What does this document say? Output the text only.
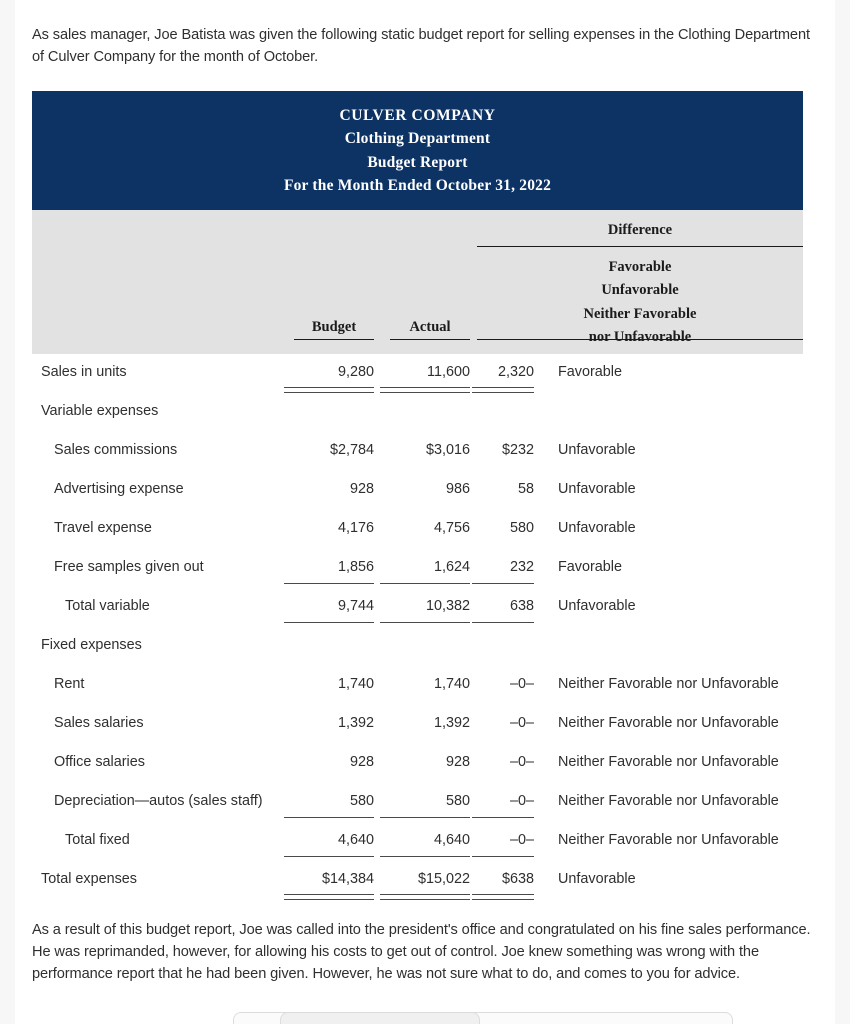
As sales manager, Joe Batista was given the following static budget report for selling expenses in the Clothing Department of Culver Company for the month of October.

CULVER COMPANY
Clothing Department
Budget Report
For the Month Ended October 31, 2022
Difference
Favorable
Unfavorable
Neither Favorable
nor Unfavorable
Budget	Actual
Sales in units	9,280	11,600	2,320 Favorable
Variable expenses
Sales commissions	$2,784	$3,016	$232 Unfavorable
Advertising expense	928	986	58 Unfavorable
Travel expense	4,176	4,756	580 Unfavorable
Free samples given out	1,856	1,624	232 Favorable
Total variable	9,744	10,382	638 Unfavorable
Fixed expenses
Rent	1,740	1,740	–0– Neither Favorable nor Unfavorable
Sales salaries	1,392	1,392	–0– Neither Favorable nor Unfavorable
Office salaries	928	928	–0– Neither Favorable nor Unfavorable
Depreciation—autos (sales staff)	580	580	–0– Neither Favorable nor Unfavorable
Total fixed	4,640	4,640	–0– Neither Favorable nor Unfavorable
Total expenses	$14,384	$15,022	$638 Unfavorable

As a result of this budget report, Joe was called into the president's office and congratulated on his fine sales performance. He was reprimanded, however, for allowing his costs to get out of control. Joe knew something was wrong with the performance report that he had been given. However, he was not sure what to do, and comes to you for advice.
